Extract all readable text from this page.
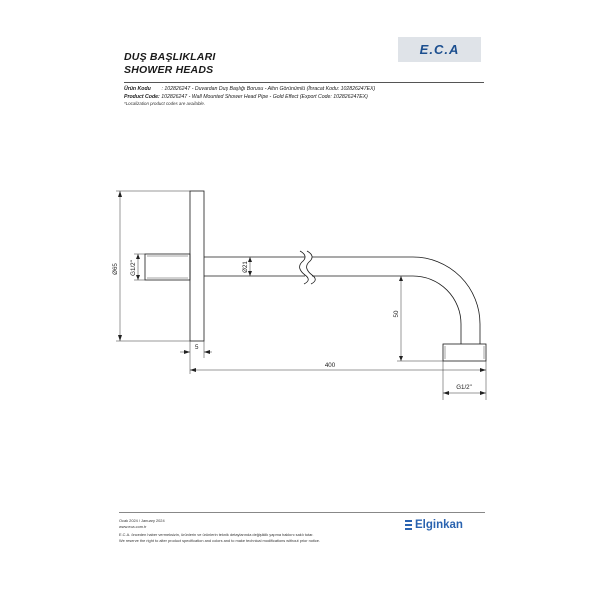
DUŞ BAŞLIKLARI
SHOWER HEADS
E.C.A
Ürün Kodu : 102826247 - Duvardan Duş Başlığı Borusu - Altın Görünümlü (İhracat Kodu: 102826247EX)
Product Code: 102826247 - Wall Mounted Shower Head Pipe - Gold Effect (Export Code: 102826247EX)
*Localization product codes are available.
Ø65 G1/2"	Ø21
50
5
400
G1/2"
Ocak 2024 / January 2024
www.eca.com.tr
E.C.A. önceden haber vermeksizin, ürünlerin ve ürünlerin teknik detaylarında değişiklik yapma hakkını saklı tutar.
We reserve the right to alter product specification and colors and to make technical modifications without prior notice.
Elginkan
